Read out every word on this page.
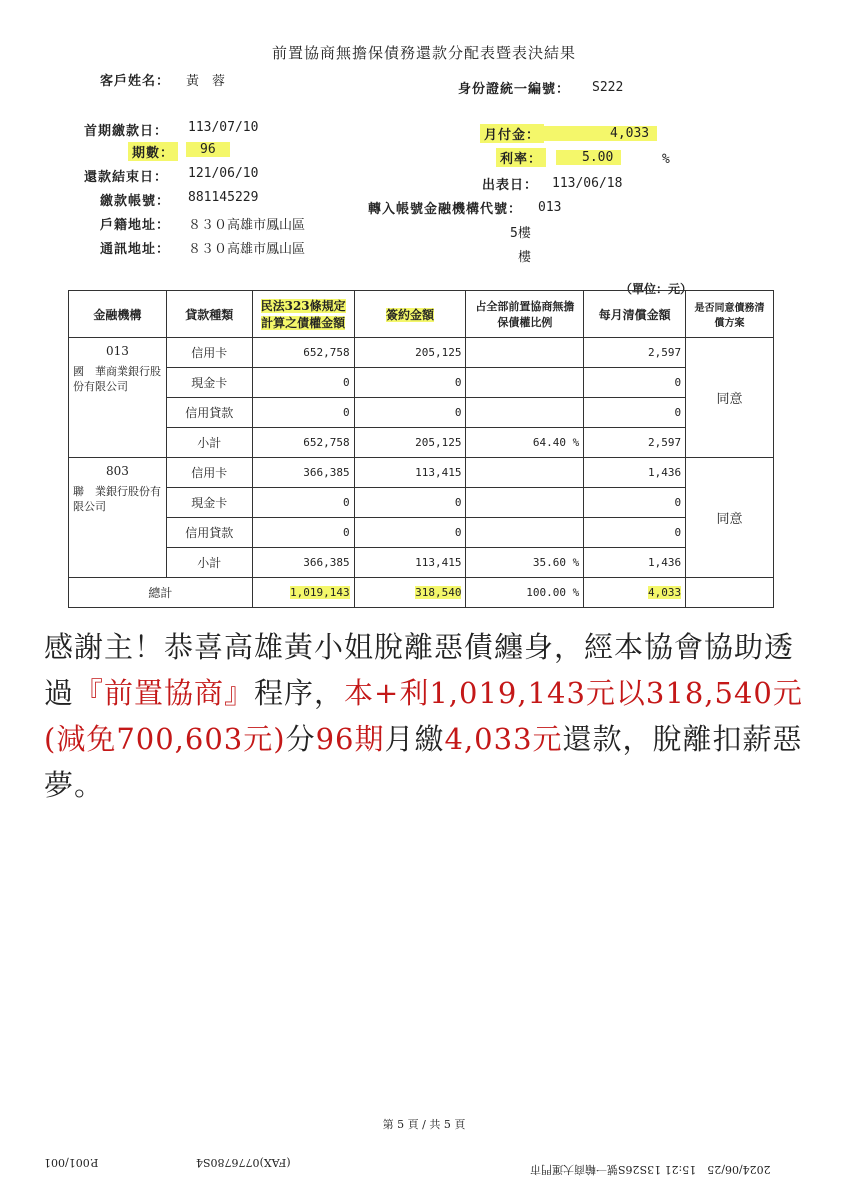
前置協商無擔保債務還款分配表暨表決結果
客戶姓名： 黃　蓉
身份證統一編號： S222
首期繳款日： 113/07/10
期數：	96
還款結束日： 121/06/10
繳款帳號： 881145229
戶籍地址： ８３０高雄市鳳山區
通訊地址： ８３０高雄市鳳山區
月付金：	4,033
利率：	5.00	%
出表日： 113/06/18
轉入帳號金融機構代號： 013
5樓
樓
（單位：元）
金融機構	貸款種類	民法323條規定計算之債權金額	簽約金額	占全部前置協商無擔保債權比例	每月清償金額	是否同意債務清償方案

013
國　華商業銀行股份有限公司	信用卡	652,758	205,125		2,597	同意
	現金卡	0	0		0	
	信用貸款	0	0		0	
	小計	652,758	205,125	64.40 %	2,597	

803
聯　業銀行股份有限公司	信用卡	366,385	113,415		1,436	同意
	現金卡	0	0		0	
	信用貸款	0	0		0	
	小計	366,385	113,415	35.60 %	1,436	
總計		1,019,143	318,540	100.00 %	4,033	
感謝主！恭喜高雄黃小姐脫離惡債纏身，經本協會協助透過『前置協商』程序，本+利1,019,143元以318,540元(減免700,603元)分96期月繳4,033元還款，脫離扣薪惡夢。
第 5 頁 / 共 5 頁
P.001/001	(FAX)0776780S4
2024/06/25　15:21 13S26S號一輸商大運門市
